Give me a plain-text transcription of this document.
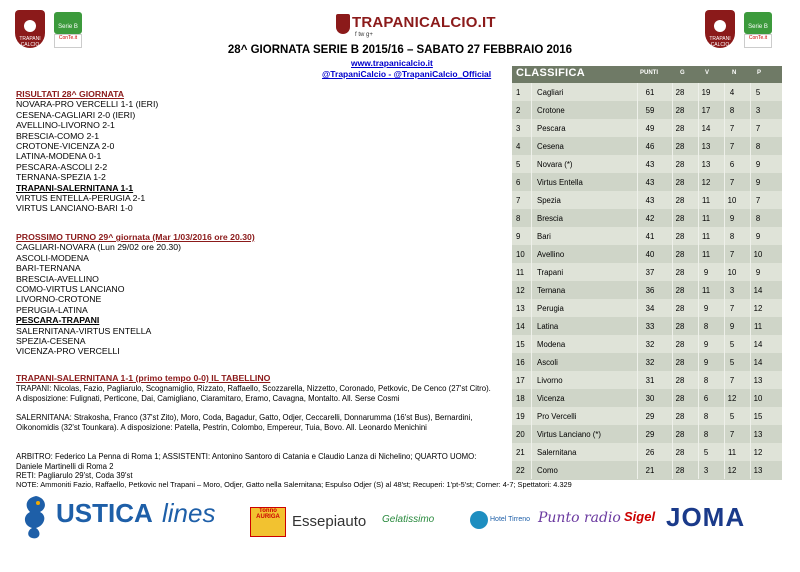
TRAPANI CALCIO
Serie B
ConTe.it	TRAPANI CALCIO
Serie B
ConTe.it
TRAPANICALCIO.IT
f tw g+
28^ GIORNATA SERIE B 2015/16 – SABATO 27 FEBBRAIO 2016
www.trapanicalcio.it
@TrapaniCalcio - @TrapaniCalcio_Official
RISULTATI 28^ GIORNATA
NOVARA-PRO VERCELLI 1-1 (IERI)
CESENA-CAGLIARI 2-0 (IERI)
AVELLINO-LIVORNO 2-1
BRESCIA-COMO 2-1
CROTONE-VICENZA 2-0
LATINA-MODENA 0-1
PESCARA-ASCOLI 2-2
TERNANA-SPEZIA 1-2
TRAPANI-SALERNITANA 1-1
VIRTUS ENTELLA-PERUGIA 2-1
VIRTUS LANCIANO-BARI 1-0
PROSSIMO TURNO 29^ giornata (Mar 1/03/2016 ore 20.30)
CAGLIARI-NOVARA (Lun 29/02 ore 20.30)
ASCOLI-MODENA
BARI-TERNANA
BRESCIA-AVELLINO
COMO-VIRTUS LANCIANO
LIVORNO-CROTONE
PERUGIA-LATINA
PESCARA-TRAPANI
SALERNITANA-VIRTUS ENTELLA
SPEZIA-CESENA
VICENZA-PRO VERCELLI
TRAPANI-SALERNITANA 1-1 (primo tempo 0-0) IL TABELLINO
TRAPANI: Nicolas, Fazio, Pagliarulo, Scognamiglio, Rizzato, Raffaello, Scozzarella, Nizzetto, Coronado, Petkovic, De Cenco (27'st Citro). A disposizione: Fulignati, Perticone, Dai, Camigliano, Ciaramitaro, Eramo, Cavagna, Montalto. All. Serse Cosmi
SALERNITANA: Strakosha, Franco (37'st Zito), Moro, Coda, Bagadur, Gatto, Odjer, Ceccarelli, Donnarumma (16'st Bus), Bernardini, Oikonomidis (32'st Tounkara). A disposizione: Patella, Pestrin, Colombo, Empereur, Tuia, Bovo. All. Leonardo Menichini
ARBITRO: Federico La Penna di Roma 1; ASSISTENTI: Antonino Santoro di Catania e Claudio Lanza di Nichelino; QUARTO UOMO: Daniele Martinelli di Roma 2
RETI: Pagliarulo 29'st, Coda 39'st
NOTE: Ammoniti Fazio, Raffaello, Petkovic nel Trapani – Moro, Odjer, Gatto nella Salernitana; Espulso Odjer (S) al 48'st; Recuperi: 1'pt-5'st; Corner: 4-7; Spettatori: 4.329
CLASSIFICA	PUNTI	G	V	N	P
1 Cagliari	61	28	19	4	5
2 Crotone	59	28	17	8	3
3 Pescara	49	28	14	7	7
4 Cesena	46	28	13	7	8
5 Novara (*)	43	28	13	6	9
6 Virtus Entella	43	28	12	7	9
7 Spezia	43	28	11	10	7
8 Brescia	42	28	11	9	8
9 Bari	41	28	11	8	9
10 Avellino	40	28	11	7	10
11 Trapani	37	28	9	10	9
12 Ternana	36	28	11	3	14
13 Perugia	34	28	9	7	12
14 Latina	33	28	8	9	11
15 Modena	32	28	9	5	14
16 Ascoli	32	28	9	5	14
17 Livorno	31	28	8	7	13
18 Vicenza	30	28	6	12	10
19 Pro Vercelli	29	28	8	5	15
20 Virtus Lanciano (*)	29	28	8	7	13
21 Salernitana	26	28	5	11	12
22 Como	21	28	3	12	13
USTICA lines	Tonno AURIGA Essepiauto Gelatissimo	Hotel Tirreno Punto radio Sigel JOMA
